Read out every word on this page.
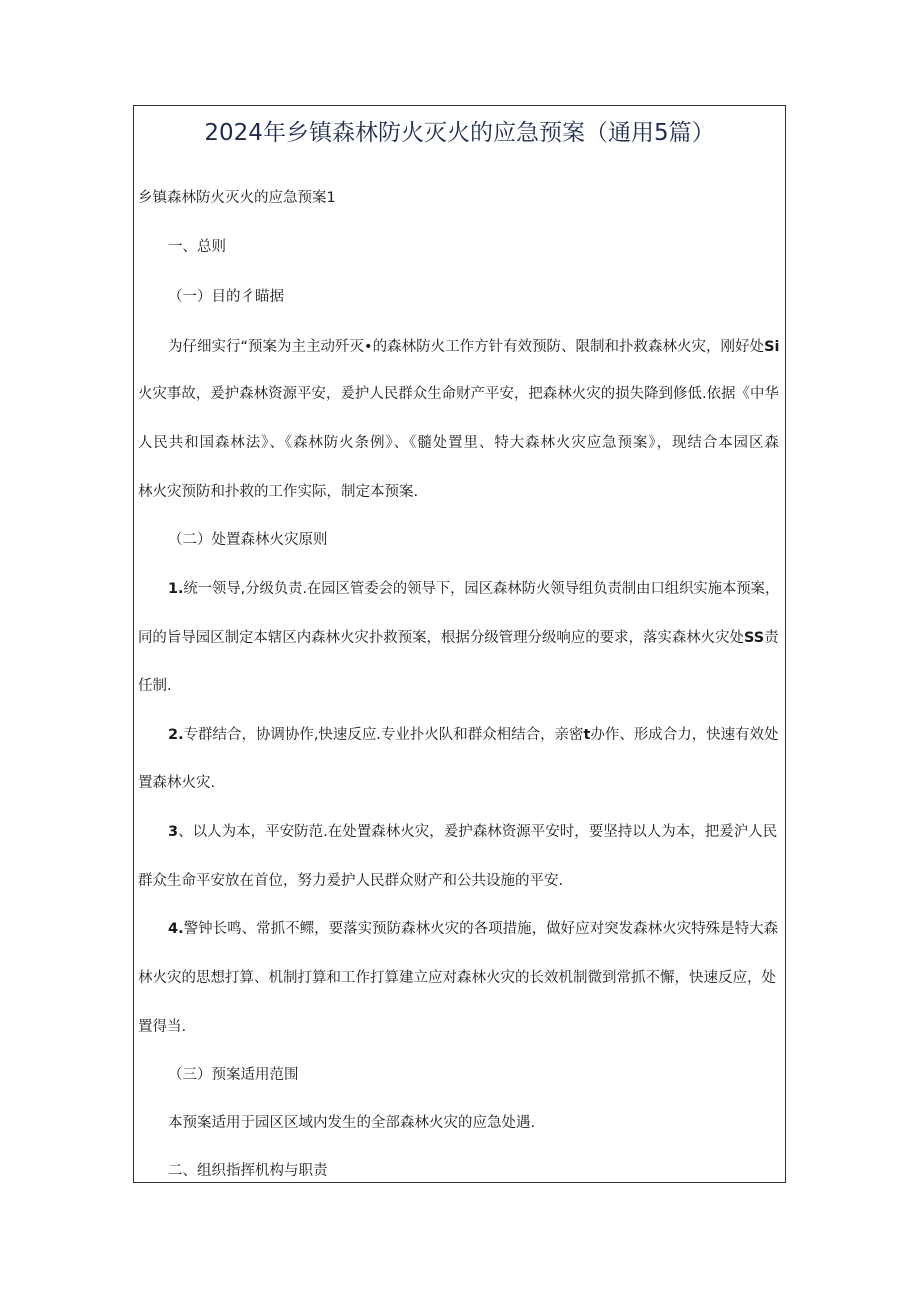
2024年乡镇森林防火灭火的应急预案（通用5篇）
乡镇森林防火灭火的应急预案1
一、总则
（一）目的彳瞄据
为仔细实行“预案为主主动歼灭•的森林防火工作方针有效预防、限制和扑救森林火灾，刚好处Si
火灾事故，爰护森林资源平安，爰护人民群众生命财产平安，把森林火灾的损失降到修低.依据《中华
人民共和国森林法》、《森林防火条例》、《髓处置里、特大森林火灾应急预案》，现结合本园区森
林火灾预防和扑救的工作实际，制定本预案.
（二）处置森林火灾原则
1.统一领导,分级负责.在园区管委会的领导下，园区森林防火领导组负责制由口组织实施本预案，
同的旨导园区制定本辖区内森林火灾扑救预案，根据分级管理分级响应的要求，落实森林火灾处SS责
任制.
2.专群结合，协调协作,快速反应.专业扑火队和群众相结合，亲密t办作、形成合力，快速有效处
置森林火灾.
3、以人为本，平安防范.在处置森林火灾，爰护森林资源平安时，要坚持以人为本，把爰沪人民
群众生命平安放在首位，努力爰护人民群众财产和公共设施的平安.
4.警钟长鸣、常抓不鳏，要落实预防森林火灾的各项措施，做好应对突发森林火灾特殊是特大森
林火灾的思想打算、机制打算和工作打算建立应对森林火灾的长效机制微到常抓不懈，快速反应，处
置得当.
（三）预案适用范围
本预案适用于园区区域内发生的全部森林火灾的应急处遇.
二、组织指挥机构与职责
